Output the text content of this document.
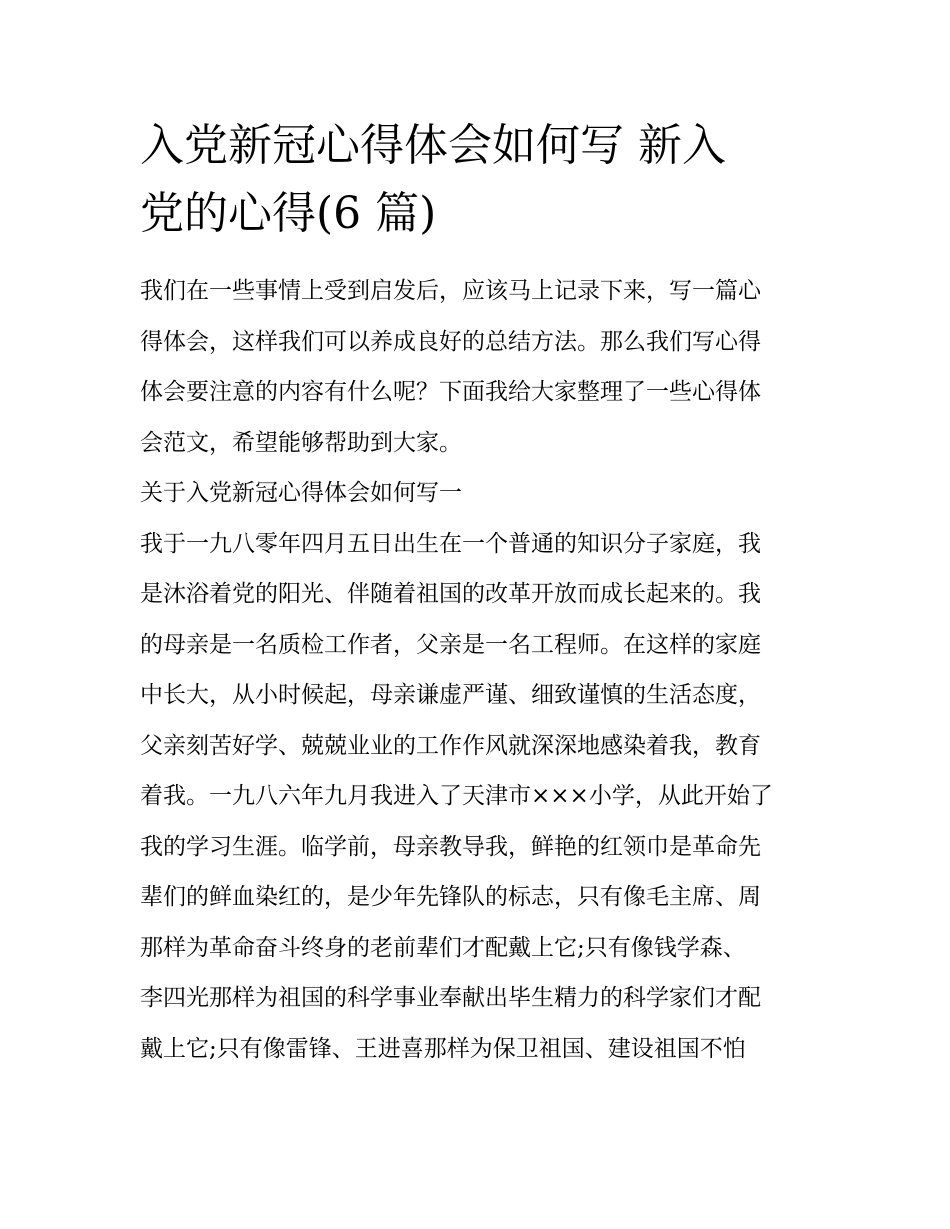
入党新冠心得体会如何写 新入
党的心得(6 篇)

我们在一些事情上受到启发后，应该马上记录下来，写一篇心
得体会，这样我们可以养成良好的总结方法。那么我们写心得
体会要注意的内容有什么呢？下面我给大家整理了一些心得体
会范文，希望能够帮助到大家。

关于入党新冠心得体会如何写一

我于一九八零年四月五日出生在一个普通的知识分子家庭，我
是沐浴着党的阳光、伴随着祖国的改革开放而成长起来的。我
的母亲是一名质检工作者，父亲是一名工程师。在这样的家庭
中长大，从小时候起，母亲谦虚严谨、细致谨慎的生活态度，
父亲刻苦好学、兢兢业业的工作作风就深深地感染着我，教育
着我。一九八六年九月我进入了天津市×××小学，从此开始了
我的学习生涯。临学前，母亲教导我，鲜艳的红领巾是革命先
辈们的鲜血染红的，是少年先锋队的标志，只有像毛主席、周
那样为革命奋斗终身的老前辈们才配戴上它;只有像钱学森、
李四光那样为祖国的科学事业奉献出毕生精力的科学家们才配
戴上它;只有像雷锋、王进喜那样为保卫祖国、建设祖国不怕
